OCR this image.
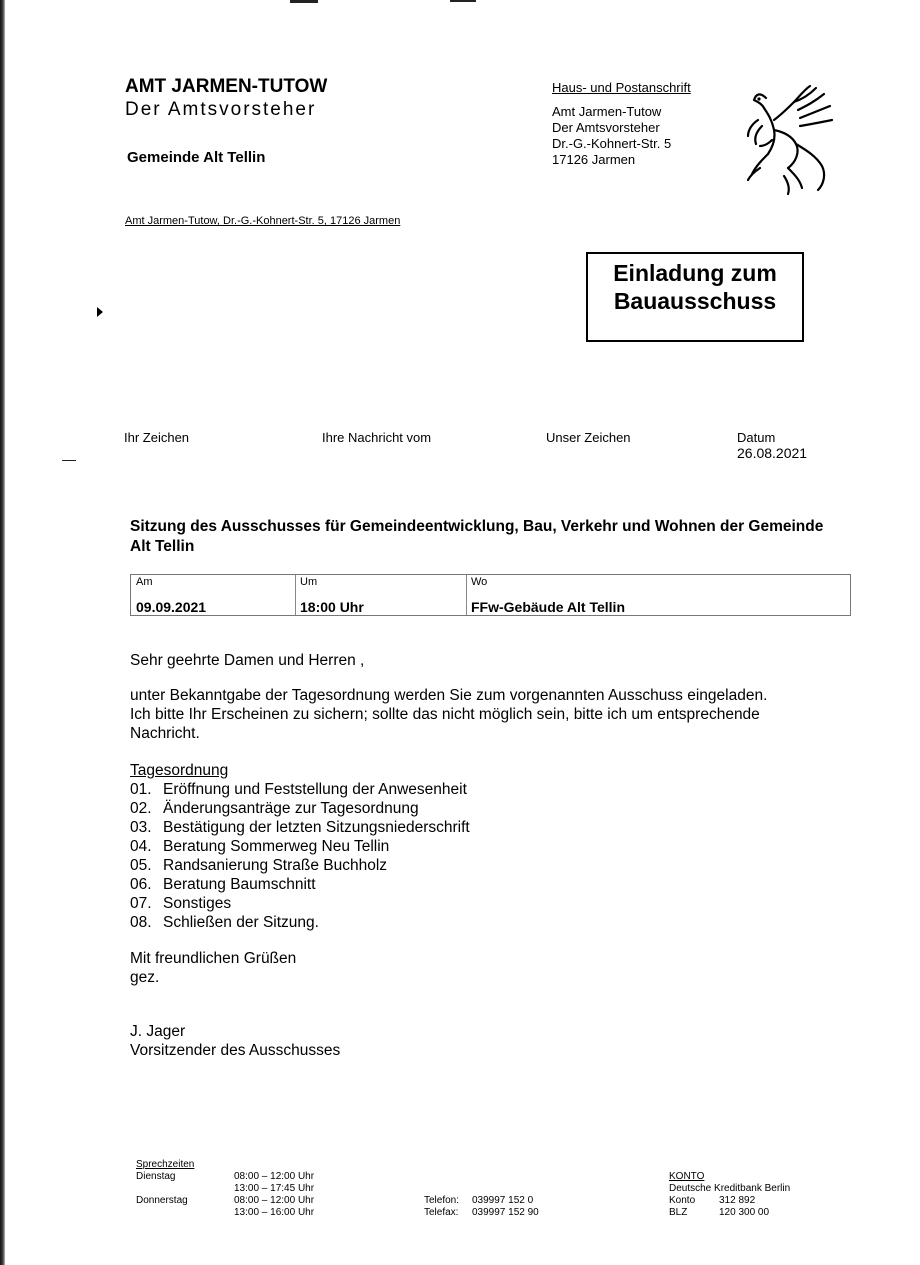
AMT JARMEN-TUTOW
Der Amtsvorsteher
Gemeinde Alt Tellin
Haus- und Postanschrift
Amt Jarmen-Tutow
Der Amtsvorsteher
Dr.-G.-Kohnert-Str. 5
17126 Jarmen
Amt Jarmen-Tutow, Dr.-G.-Kohnert-Str. 5, 17126 Jarmen
Einladung zum
Bauausschuss
Ihr Zeichen	Ihre Nachricht vom	Unser Zeichen	Datum
26.08.2021
Sitzung des Ausschusses für Gemeindeentwicklung, Bau, Verkehr und Wohnen der Gemeinde Alt Tellin
Am	Um	Wo
09.09.2021	18:00 Uhr	FFw-Gebäude Alt Tellin
Sehr geehrte Damen und Herren ,
unter Bekanntgabe der Tagesordnung werden Sie zum vorgenannten Ausschuss eingeladen.
Ich bitte Ihr Erscheinen zu sichern; sollte das nicht möglich sein, bitte ich um entsprechende
Nachricht.
Tagesordnung
01. Eröffnung und Feststellung der Anwesenheit
02. Änderungsanträge zur Tagesordnung
03. Bestätigung der letzten Sitzungsniederschrift
04. Beratung Sommerweg Neu Tellin
05. Randsanierung Straße Buchholz
06. Beratung Baumschnitt
07. Sonstiges
08. Schließen der Sitzung.
Mit freundlichen Grüßen
gez.
J. Jager
Vorsitzender des Ausschusses
Sprechzeiten
Dienstag	08:00 – 12:00 Uhr
13:00 – 17:45 Uhr
Donnerstag	08:00 – 12:00 Uhr
13:00 – 16:00 Uhr
Telefon: 039997 152 0
Telefax: 039997 152 90
KONTO
Deutsche Kreditbank Berlin
Konto 312 892
BLZ	120 300 00
